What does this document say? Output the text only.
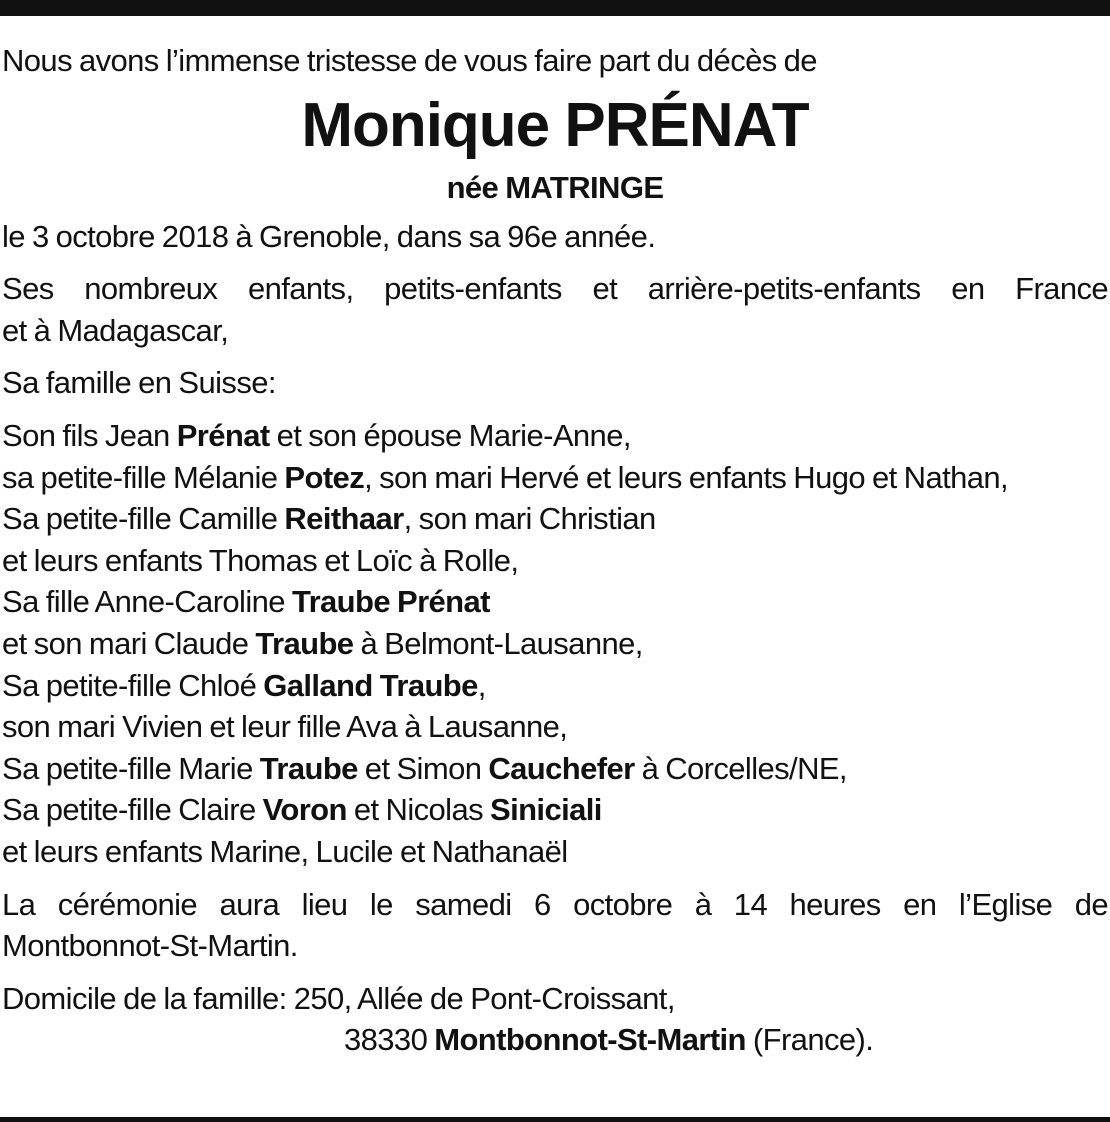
Nous avons l’immense tristesse de vous faire part du décès de

Monique PRÉNAT
née MATRINGE

le 3 octobre 2018 à Grenoble, dans sa 96e année.

Ses nombreux enfants, petits-enfants et arrière-petits-enfants en France
et à Madagascar,

Sa famille en Suisse:

Son fils Jean Prénat et son épouse Marie-Anne,
sa petite-fille Mélanie Potez, son mari Hervé et leurs enfants Hugo et Nathan,
Sa petite-fille Camille Reithaar, son mari Christian
et leurs enfants Thomas et Loïc à Rolle,
Sa fille Anne-Caroline Traube Prénat
et son mari Claude Traube à Belmont-Lausanne,
Sa petite-fille Chloé Galland Traube,
son mari Vivien et leur fille Ava à Lausanne,
Sa petite-fille Marie Traube et Simon Cauchefer à Corcelles/NE,
Sa petite-fille Claire Voron et Nicolas Siniciali
et leurs enfants Marine, Lucile et Nathanaël

La cérémonie aura lieu le samedi 6 octobre à 14 heures en l’Eglise de
Montbonnot-St-Martin.

Domicile de la famille: 250, Allée de Pont-Croissant,
38330 Montbonnot-St-Martin (France).
